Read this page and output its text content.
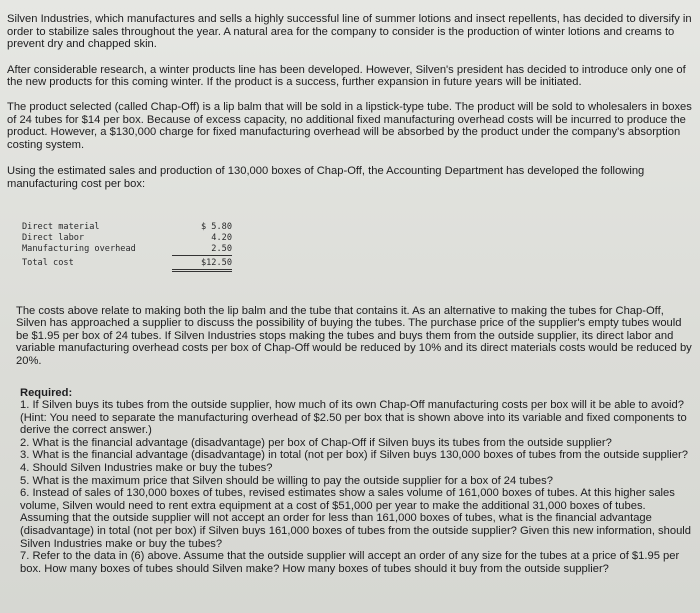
Silven Industries, which manufactures and sells a highly successful line of summer lotions and insect repellents, has decided to diversify in order to stabilize sales throughout the year. A natural area for the company to consider is the production of winter lotions and creams to prevent dry and chapped skin.

After considerable research, a winter products line has been developed. However, Silven's president has decided to introduce only one of the new products for this coming winter. If the product is a success, further expansion in future years will be initiated.

The product selected (called Chap-Off) is a lip balm that will be sold in a lipstick-type tube. The product will be sold to wholesalers in boxes of 24 tubes for $14 per box. Because of excess capacity, no additional fixed manufacturing overhead costs will be incurred to produce the product. However, a $130,000 charge for fixed manufacturing overhead will be absorbed by the product under the company's absorption costing system.

Using the estimated sales and production of 130,000 boxes of Chap-Off, the Accounting Department has developed the following manufacturing cost per box:

Direct material	$ 5.80
Direct labor	4.20
Manufacturing overhead	2.50
Total cost	$12.50

The costs above relate to making both the lip balm and the tube that contains it. As an alternative to making the tubes for Chap-Off, Silven has approached a supplier to discuss the possibility of buying the tubes. The purchase price of the supplier's empty tubes would be $1.95 per box of 24 tubes. If Silven Industries stops making the tubes and buys them from the outside supplier, its direct labor and variable manufacturing overhead costs per box of Chap-Off would be reduced by 10% and its direct materials costs would be reduced by 20%.

Required:

1. If Silven buys its tubes from the outside supplier, how much of its own Chap-Off manufacturing costs per box will it be able to avoid? (Hint: You need to separate the manufacturing overhead of $2.50 per box that is shown above into its variable and fixed components to derive the correct answer.)

2. What is the financial advantage (disadvantage) per box of Chap-Off if Silven buys its tubes from the outside supplier?

3. What is the financial advantage (disadvantage) in total (not per box) if Silven buys 130,000 boxes of tubes from the outside supplier?

4. Should Silven Industries make or buy the tubes?

5. What is the maximum price that Silven should be willing to pay the outside supplier for a box of 24 tubes?

6. Instead of sales of 130,000 boxes of tubes, revised estimates show a sales volume of 161,000 boxes of tubes. At this higher sales volume, Silven would need to rent extra equipment at a cost of $51,000 per year to make the additional 31,000 boxes of tubes. Assuming that the outside supplier will not accept an order for less than 161,000 boxes of tubes, what is the financial advantage (disadvantage) in total (not per box) if Silven buys 161,000 boxes of tubes from the outside supplier? Given this new information, should Silven Industries make or buy the tubes?

7. Refer to the data in (6) above. Assume that the outside supplier will accept an order of any size for the tubes at a price of $1.95 per box. How many boxes of tubes should Silven make? How many boxes of tubes should it buy from the outside supplier?
